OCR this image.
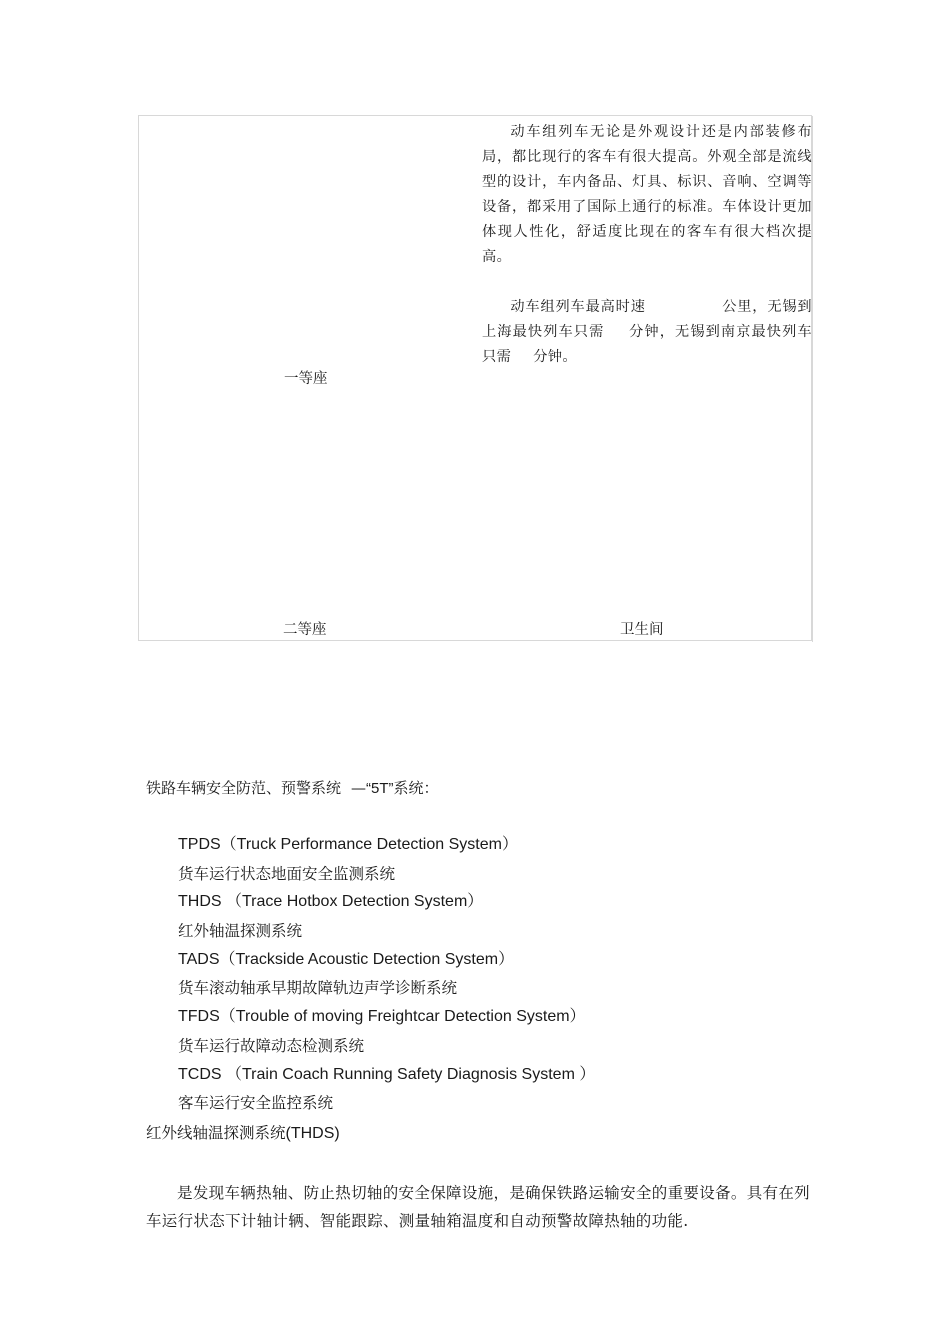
动车组列车无论是外观设计还是内部装修布局，都比现行的客车有很大提高。外观全部是流线型的设计，车内备品、灯具、标识、音响、空调等设备，都采用了国际上通行的标准。车体设计更加体现人性化，舒适度比现在的客车有很大档次提高。

动车组列车最高时速	公里，无锡到上海最快列车只需 分钟，无锡到南京最快列车只需 分钟。

一等座
二等座	卫生间
铁路车辆安全防范、预警系统 —“5T”系统：
TPDS（Truck Performance Detection System）
货车运行状态地面安全监测系统
THDS （Trace Hotbox Detection System）
红外轴温探测系统
TADS（Trackside Acoustic Detection System）
货车滚动轴承早期故障轨边声学诊断系统
TFDS（Trouble of moving Freightcar Detection System）
货车运行故障动态检测系统
TCDS （Train Coach Running Safety Diagnosis System ）
客车运行安全监控系统
红外线轴温探测系统(THDS)

是发现车辆热轴、防止热切轴的安全保障设施，是确保铁路运输安全的重要设备。具有在列车运行状态下计轴计辆、智能跟踪、测量轴箱温度和自动预警故障热轴的功能.
